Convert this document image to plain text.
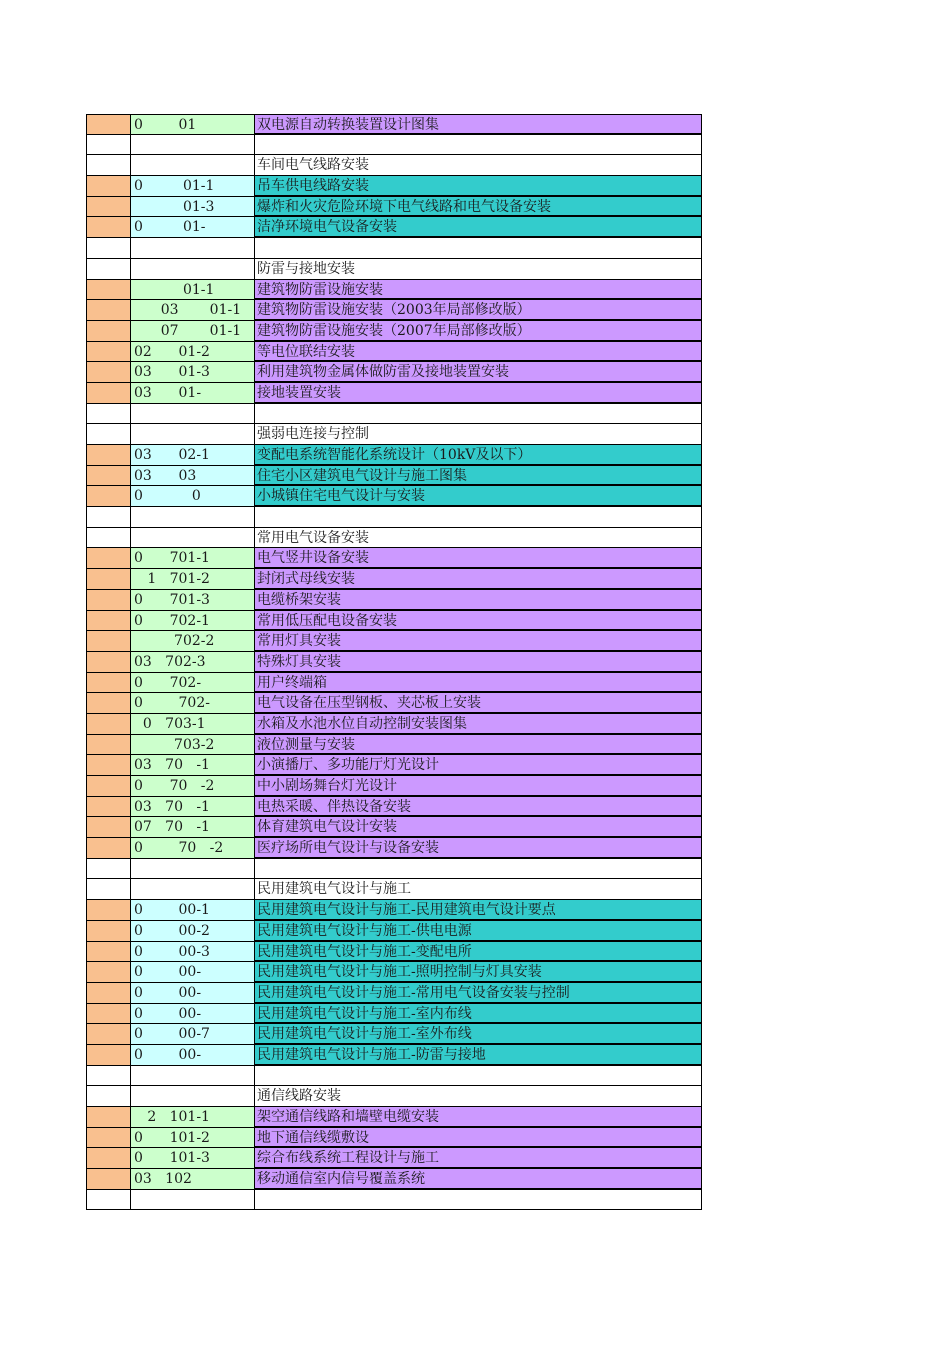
0        01	双电源自动转换装置设计图集
车间电气线路安装
0         01-1	吊车供电线路安装
01-3	爆炸和火灾危险环境下电气线路和电气设备安装
0         01-	洁净环境电气设备安装
防雷与接地安装
01-1	建筑物防雷设施安装
03       01-1	建筑物防雷设施安装（2003年局部修改版）
07       01-1	建筑物防雷设施安装（2007年局部修改版）
02      01-2	等电位联结安装
03      01-3	利用建筑物金属体做防雷及接地装置安装
03      01-	接地装置安装
强弱电连接与控制
03      02-1	变配电系统智能化系统设计（10kV及以下）
03      03	住宅小区建筑电气设计与施工图集
0           0	小城镇住宅电气设计与安装
常用电气设备安装
0      701-1	电气竖井设备安装
1   701-2	封闭式母线安装
0      701-3	电缆桥架安装
0      702-1	常用低压配电设备安装
702-2	常用灯具安装
03   702-3	特殊灯具安装
0      702-	用户终端箱
0        702-	电气设备在压型钢板、夹芯板上安装
0   703-1	水箱及水池水位自动控制安装图集
703-2	液位测量与安装
03   70   -1	小演播厅、多功能厅灯光设计
0      70   -2	中小剧场舞台灯光设计
03   70   -1	电热采暖、伴热设备安装
07   70   -1	体育建筑电气设计安装
0        70   -2	医疗场所电气设计与设备安装
民用建筑电气设计与施工
0        00-1	民用建筑电气设计与施工-民用建筑电气设计要点
0        00-2	民用建筑电气设计与施工-供电电源
0        00-3	民用建筑电气设计与施工-变配电所
0        00-	民用建筑电气设计与施工-照明控制与灯具安装
0        00-	民用建筑电气设计与施工-常用电气设备安装与控制
0        00-	民用建筑电气设计与施工-室内布线
0        00-7	民用建筑电气设计与施工-室外布线
0        00-	民用建筑电气设计与施工-防雷与接地
通信线路安装
2   101-1	架空通信线路和墙壁电缆安装
0      101-2	地下通信线缆敷设
0      101-3	综合布线系统工程设计与施工
03   102	移动通信室内信号覆盖系统
